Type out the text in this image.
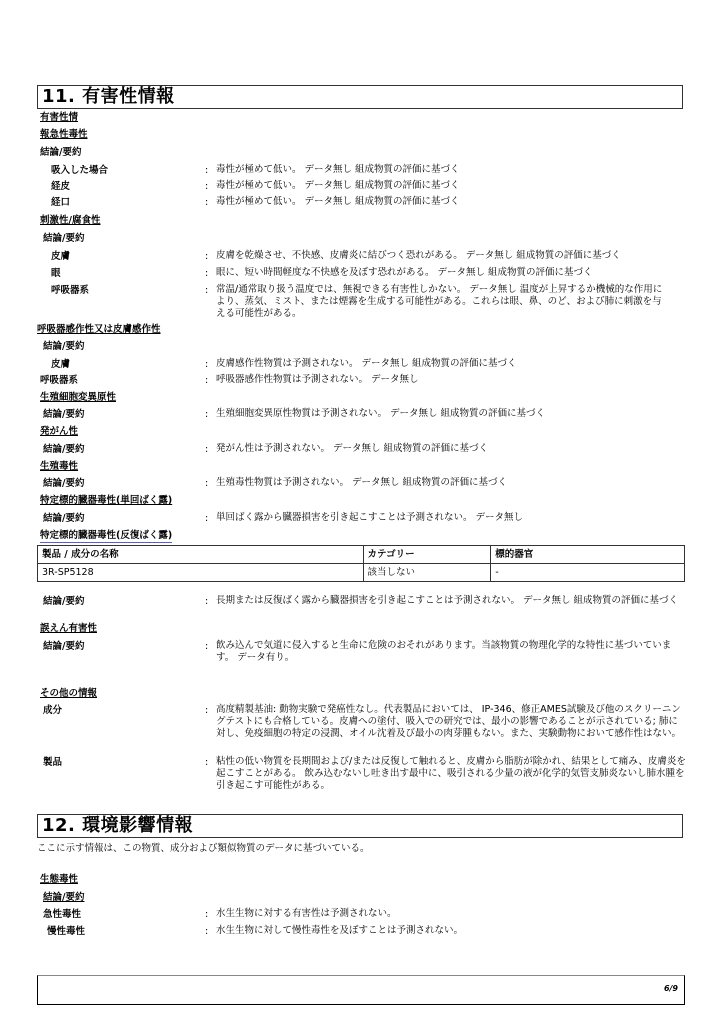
11. 有害性情報
有害性情
報急性毒性
結論/要約
吸入した場合	: 毒性が極めて低い。 データ無し 組成物質の評価に基づく
経皮	: 毒性が極めて低い。 データ無し 組成物質の評価に基づく
経口	: 毒性が極めて低い。 データ無し 組成物質の評価に基づく
刺激性/腐食性
結論/要約
皮膚	: 皮膚を乾燥させ、不快感、皮膚炎に結びつく恐れがある。 データ無し 組成物質の評価に基づく
眼	: 眼に、短い時間軽度な不快感を及ぼす恐れがある。 データ無し 組成物質の評価に基づく
呼吸器系	: 常温/通常取り扱う温度では、無視できる有害性しかない。 データ無し 温度が上昇するか機械的な作用により、蒸気、ミスト、または煙霧を生成する可能性がある。これらは眼、鼻、のど、および肺に刺激を与える可能性がある。
呼吸器感作性又は皮膚感作性
結論/要約
皮膚	: 皮膚感作性物質は予測されない。 データ無し 組成物質の評価に基づく
呼吸器系	: 呼吸器感作性物質は予測されない。 データ無し
生殖細胞変異原性
結論/要約	: 生殖細胞変異原性物質は予測されない。 データ無し 組成物質の評価に基づく
発がん性
結論/要約	: 発がん性は予測されない。 データ無し 組成物質の評価に基づく
生殖毒性
結論/要約	: 生殖毒性物質は予測されない。 データ無し 組成物質の評価に基づく
特定標的臓器毒性(単回ばく露)
結論/要約	: 単回ばく露から臓器損害を引き起こすことは予測されない。 データ無し
特定標的臓器毒性(反復ばく露)
製品 / 成分の名称	カテゴリー	標的器官
3R-SP5128	該当しない	-
結論/要約	: 長期または反復ばく露から臓器損害を引き起こすことは予測されない。 データ無し 組成物質の評価に基づく
誤えん有害性
結論/要約	: 飲み込んで気道に侵入すると生命に危険のおそれがあります。当該物質の物理化学的な特性に基づいています。 データ有り。
その他の情報
成分	: 高度精製基油: 動物実験で発癌性なし。代表製品においては、 IP-346、修正AMES試験及び他のスクリーニングテストにも合格している。皮膚への塗付、吸入での研究では、最小の影響であることが示されている; 肺に対し、免疫細胞の特定の浸潤、オイル沈着及び最小の肉芽腫もない。また、実験動物において感作性はない。
製品	: 粘性の低い物質を長期間および/または反復して触れると、皮膚から脂肪が除かれ、結果として痛み、皮膚炎を起こすことがある。 飲み込むないし吐き出す最中に、吸引される少量の液が化学的気管支肺炎ないし肺水腫を引き起こす可能性がある。
12. 環境影響情報
ここに示す情報は、この物質、成分および類似物質のデータに基づいている。
生態毒性
結論/要約
急性毒性	: 水生生物に対する有害性は予測されない。
慢性毒性	: 水生生物に対して慢性毒性を及ぼすことは予測されない。
6/9
